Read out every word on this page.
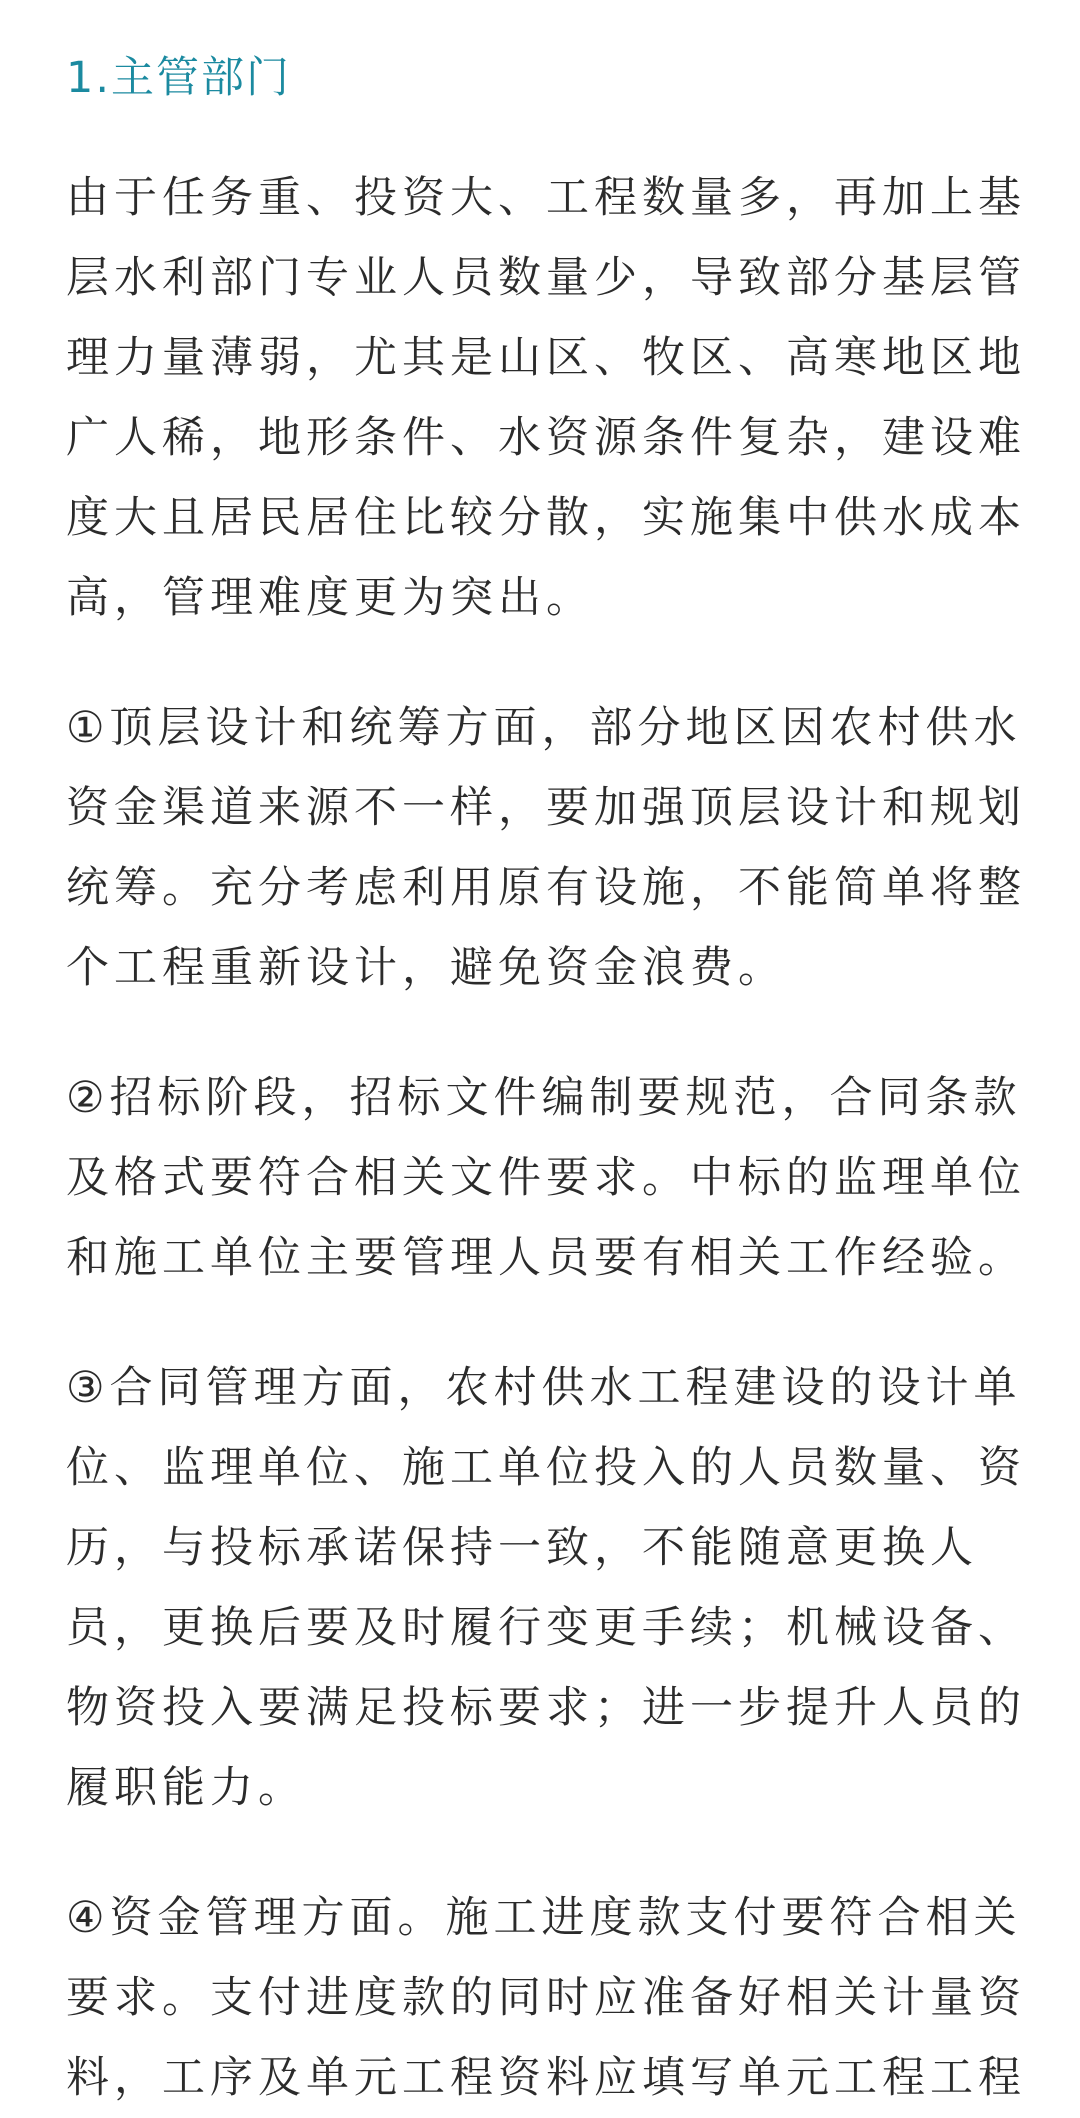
1.主管部门

由于任务重、投资大、工程数量多，再加上基
层水利部门专业人员数量少，导致部分基层管
理力量薄弱，尤其是山区、牧区、高寒地区地
广人稀，地形条件、水资源条件复杂，建设难
度大且居民居住比较分散，实施集中供水成本
高，管理难度更为突出。

①顶层设计和统筹方面，部分地区因农村供水
资金渠道来源不一样，要加强顶层设计和规划
统筹。充分考虑利用原有设施，不能简单将整
个工程重新设计，避免资金浪费。

②招标阶段，招标文件编制要规范，合同条款
及格式要符合相关文件要求。中标的监理单位
和施工单位主要管理人员要有相关工作经验。

③合同管理方面，农村供水工程建设的设计单
位、监理单位、施工单位投入的人员数量、资
历，与投标承诺保持一致，不能随意更换人
员，更换后要及时履行变更手续；机械设备、
物资投入要满足投标要求；进一步提升人员的
履职能力。

④资金管理方面。施工进度款支付要符合相关
要求。支付进度款的同时应准备好相关计量资
料，工序及单元工程资料应填写单元工程工程
